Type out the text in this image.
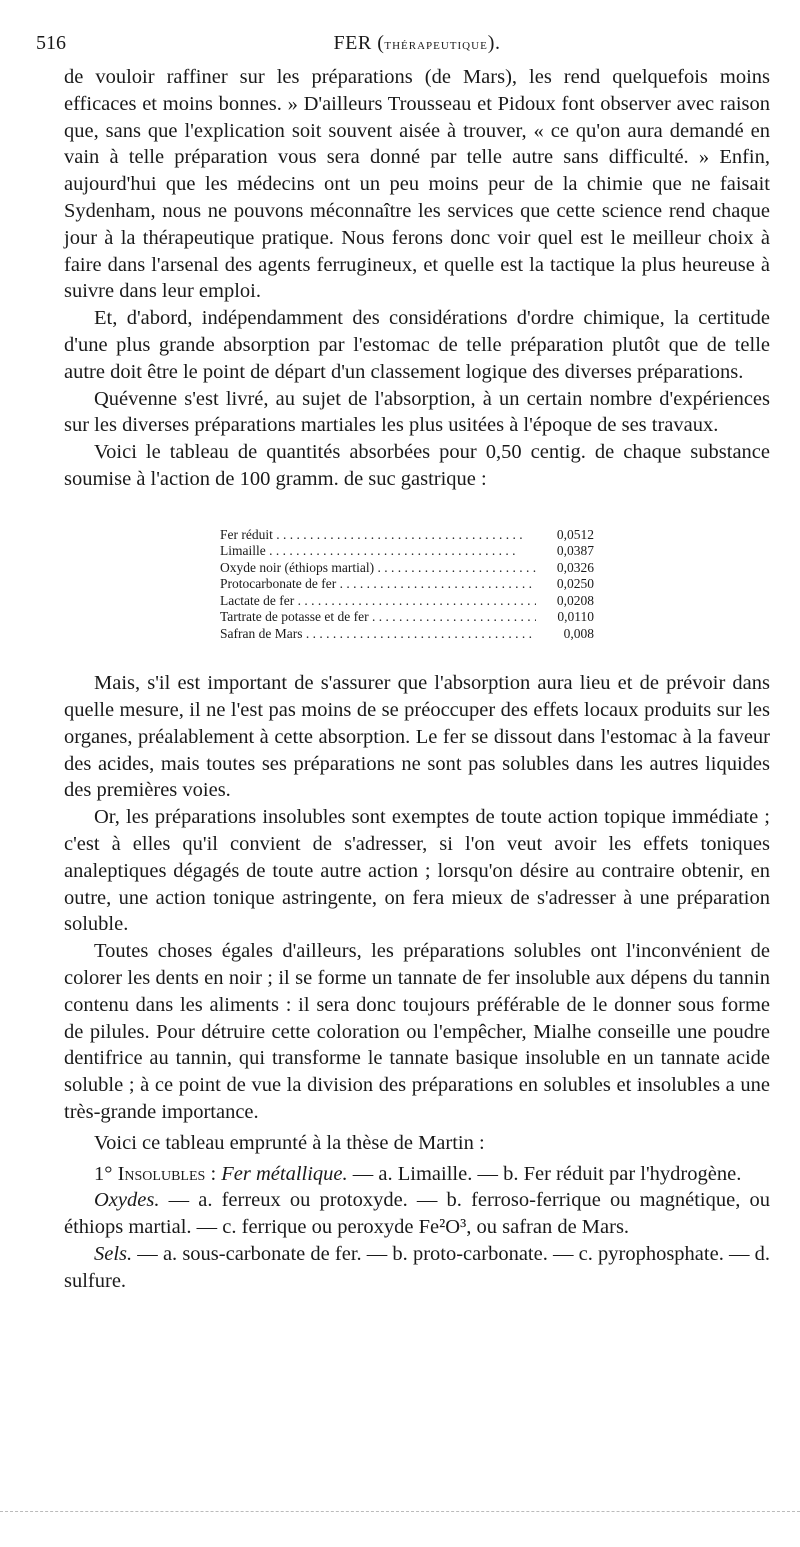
516	FER (thérapeutique).

de vouloir raffiner sur les préparations (de Mars), les rend quelquefois moins efficaces et moins bonnes. » D'ailleurs Trousseau et Pidoux font observer avec raison que, sans que l'explication soit souvent aisée à trouver, « ce qu'on aura demandé en vain à telle préparation vous sera donné par telle autre sans difficulté. » Enfin, aujourd'hui que les médecins ont un peu moins peur de la chimie que ne faisait Sydenham, nous ne pouvons méconnaître les services que cette science rend chaque jour à la thérapeutique pratique. Nous ferons donc voir quel est le meilleur choix à faire dans l'arsenal des agents ferrugineux, et quelle est la tactique la plus heureuse à suivre dans leur emploi.

Et, d'abord, indépendamment des considérations d'ordre chimique, la certitude d'une plus grande absorption par l'estomac de telle préparation plutôt que de telle autre doit être le point de départ d'un classement logique des diverses préparations.

Quévenne s'est livré, au sujet de l'absorption, à un certain nombre d'expériences sur les diverses préparations martiales les plus usitées à l'époque de ses travaux.

Voici le tableau de quantités absorbées pour 0,50 centig. de chaque substance soumise à l'action de 100 gramm. de suc gastrique :

Fer réduit . . .	0,0512
Limaille . . .	0,0387
Oxyde noir (éthiops martial) . . .	0,0326
Protocarbonate de fer . . .	0,0250
Lactate de fer . . .	0,0208
Tartrate de potasse et de fer . . .	0,0110
Safran de Mars . . .	0,008

Mais, s'il est important de s'assurer que l'absorption aura lieu et de prévoir dans quelle mesure, il ne l'est pas moins de se préoccuper des effets locaux produits sur les organes, préalablement à cette absorption. Le fer se dissout dans l'estomac à la faveur des acides, mais toutes ses préparations ne sont pas solubles dans les autres liquides des premières voies.

Or, les préparations insolubles sont exemptes de toute action topique immédiate ; c'est à elles qu'il convient de s'adresser, si l'on veut avoir les effets toniques analeptiques dégagés de toute autre action ; lorsqu'on désire au contraire obtenir, en outre, une action tonique astringente, on fera mieux de s'adresser à une préparation soluble.

Toutes choses égales d'ailleurs, les préparations solubles ont l'inconvénient de colorer les dents en noir ; il se forme un tannate de fer insoluble aux dépens du tannin contenu dans les aliments : il sera donc toujours préférable de le donner sous forme de pilules. Pour détruire cette coloration ou l'empêcher, Mialhe conseille une poudre dentifrice au tannin, qui transforme le tannate basique insoluble en un tannate acide soluble ; à ce point de vue la division des préparations en solubles et insolubles a une très-grande importance.

Voici ce tableau emprunté à la thèse de Martin :

1° Insolubles : Fer métallique. — a. Limaille. — b. Fer réduit par l'hydrogène.

Oxydes. — a. ferreux ou protoxyde. — b. ferroso-ferrique ou magnétique, ou éthiops martial. — c. ferrique ou peroxyde Fe²O³, ou safran de Mars.

Sels. — a. sous-carbonate de fer. — b. proto-carbonate. — c. pyrophosphate. — d. sulfure.
